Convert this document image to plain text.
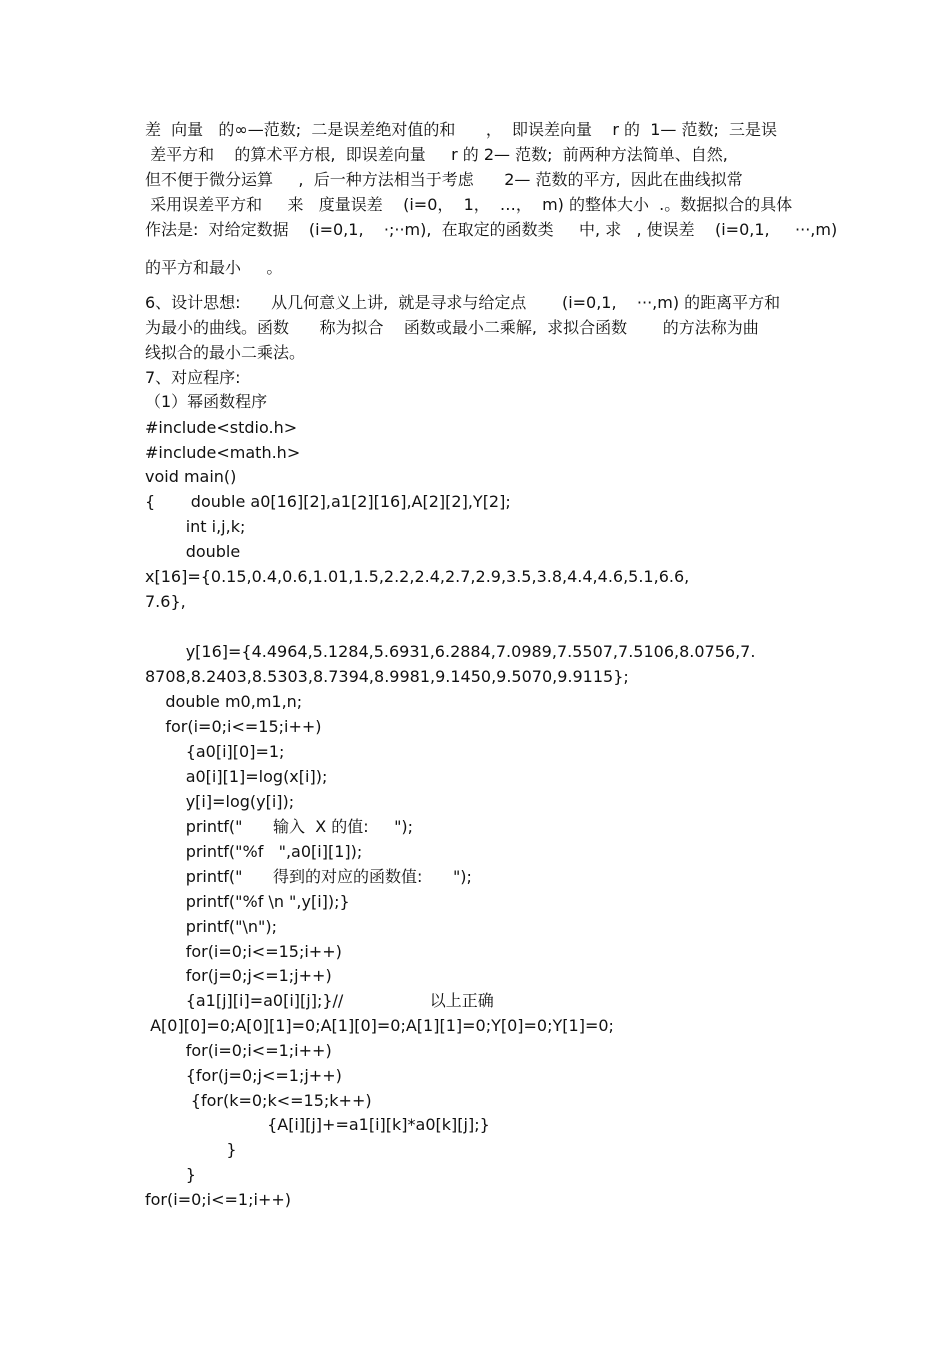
差  向量   的∞—范数;  二是误差绝对值的和      ，  即误差向量    r 的  1— 范数;  三是误

差平方和    的算术平方根,  即误差向量     r 的 2— 范数;  前两种方法简单、自然,

但不便于微分运算     ,  后一种方法相当于考虑      2— 范数的平方,  因此在曲线拟常

采用误差平方和     来   度量误差    (i=0，  1，  …，  m) 的整体大小  .。数据拟合的具体

作法是:  对给定数据    (i=0,1,    ·;··m),  在取定的函数类     中, 求   , 使误差    (i=0,1,     ···,m)

的平方和最小     。

6、设计思想:      从几何意义上讲,  就是寻求与给定点       (i=0,1,    ···,m) 的距离平方和

为最小的曲线。函数      称为拟合    函数或最小二乘解,  求拟合函数       的方法称为曲

线拟合的最小二乘法。

7、对应程序:

（1）幂函数程序

#include<stdio.h>

#include<math.h>

void main()

{       double a0[16][2],a1[2][16],A[2][2],Y[2];

int i,j,k;

double

x[16]={0.15,0.4,0.6,1.01,1.5,2.2,2.4,2.7,2.9,3.5,3.8,4.4,4.6,5.1,6.6,

7.6},

y[16]={4.4964,5.1284,5.6931,6.2884,7.0989,7.5507,7.5106,8.0756,7.

8708,8.2403,8.5303,8.7394,8.9981,9.1450,9.5070,9.9115};

double m0,m1,n;

for(i=0;i<=15;i++)

{a0[i][0]=1;

a0[i][1]=log(x[i]);

y[i]=log(y[i]);

printf("      输入  X 的值:     ");

printf("%f   ",a0[i][1]);

printf("      得到的对应的函数值:      ");

printf("%f \n ",y[i]);}

printf("\n");

for(i=0;i<=15;i++)

for(j=0;j<=1;j++)

{a1[j][i]=a0[i][j];}//                 以上正确

A[0][0]=0;A[0][1]=0;A[1][0]=0;A[1][1]=0;Y[0]=0;Y[1]=0;

for(i=0;i<=1;i++)

{for(j=0;j<=1;j++)

{for(k=0;k<=15;k++)

{A[i][j]+=a1[i][k]*a0[k][j];}

}

}

for(i=0;i<=1;i++)
